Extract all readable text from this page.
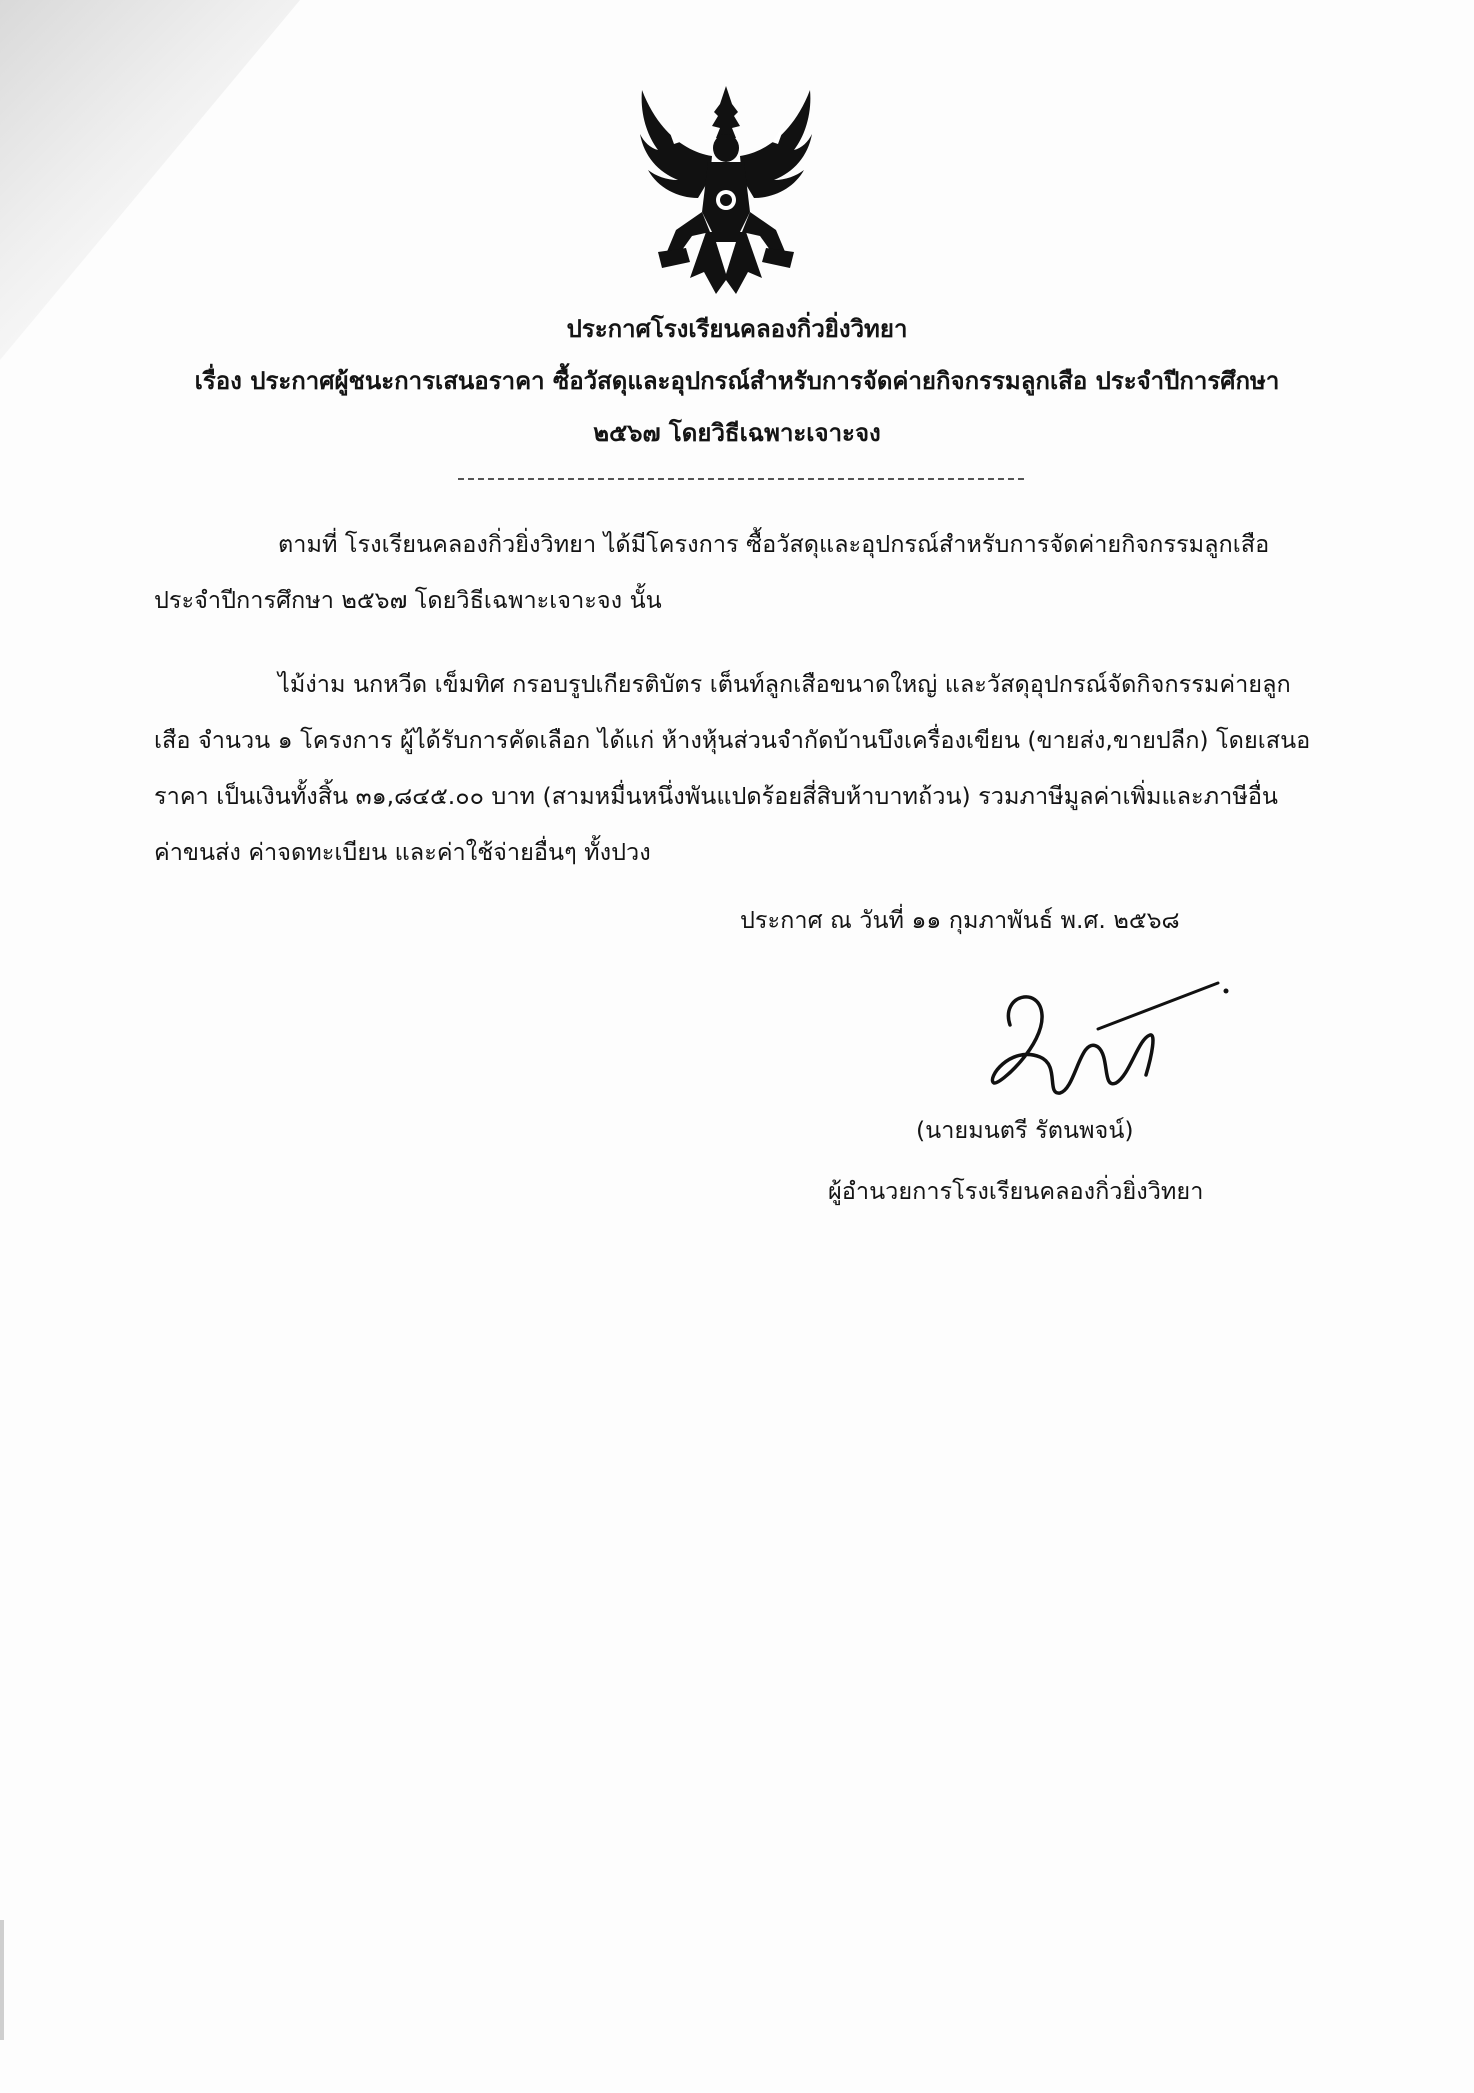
ประกาศโรงเรียนคลองกิ่วยิ่งวิทยา
เรื่อง ประกาศผู้ชนะการเสนอราคา ซื้อวัสดุและอุปกรณ์สำหรับการจัดค่ายกิจกรรมลูกเสือ ประจำปีการศึกษา
๒๕๖๗ โดยวิธีเฉพาะเจาะจง
ตามที่ โรงเรียนคลองกิ่วยิ่งวิทยา ได้มีโครงการ ซื้อวัสดุและอุปกรณ์สำหรับการจัดค่ายกิจกรรมลูกเสือ
ประจำปีการศึกษา ๒๕๖๗ โดยวิธีเฉพาะเจาะจง นั้น
ไม้ง่าม นกหวีด เข็มทิศ กรอบรูปเกียรติบัตร เต็นท์ลูกเสือขนาดใหญ่ และวัสดุอุปกรณ์จัดกิจกรรมค่ายลูก
เสือ จำนวน ๑ โครงการ ผู้ได้รับการคัดเลือก ได้แก่ ห้างหุ้นส่วนจำกัดบ้านบึงเครื่องเขียน (ขายส่ง,ขายปลีก) โดยเสนอ
ราคา เป็นเงินทั้งสิ้น ๓๑,๘๔๕.๐๐ บาท (สามหมื่นหนึ่งพันแปดร้อยสี่สิบห้าบาทถ้วน) รวมภาษีมูลค่าเพิ่มและภาษีอื่น
ค่าขนส่ง ค่าจดทะเบียน และค่าใช้จ่ายอื่นๆ ทั้งปวง
ประกาศ ณ วันที่ ๑๑ กุมภาพันธ์ พ.ศ. ๒๕๖๘
(นายมนตรี รัตนพจน์)
ผู้อำนวยการโรงเรียนคลองกิ่วยิ่งวิทยา
